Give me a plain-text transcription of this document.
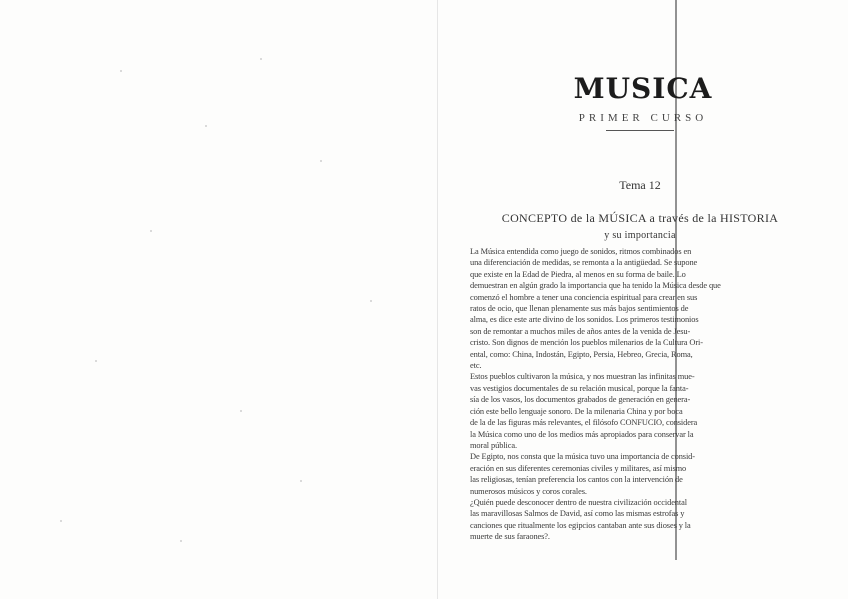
MUSICA
PRIMER CURSO
Tema 12
CONCEPTO de la MÚSICA a través de la HISTORIA
y su importancia
La Música entendida como juego de sonidos, ritmos combinados en
una diferenciación de medidas, se remonta a la antigüedad. Se supone
que existe en la Edad de Piedra, al menos en su forma de baile. Lo
demuestran en algún grado la importancia que ha tenido la Música desde que
comenzó el hombre a tener una conciencia espiritual para crear en sus
ratos de ocio, que llenan plenamente sus más bajos sentimientos de
alma, es dice este arte divino de los sonidos. Los primeros testimonios
son de remontar a muchos miles de años antes de la venida de Jesu-
cristo. Son dignos de mención los pueblos milenarios de la Cultura Ori-
ental, como: China, Indostán, Egipto, Persia, Hebreo, Grecia, Roma,
etc.
Estos pueblos cultivaron la música, y nos muestran las infinitas mue-
vas vestigios documentales de su relación musical, porque la fanta-
sía de los vasos, los documentos grabados de generación en genera-
ción este bello lenguaje sonoro. De la milenaria China y por boca
de la de las figuras más relevantes, el filósofo CONFUCIO, considera
la Música como uno de los medios más apropiados para conservar la
moral pública.
De Egipto, nos consta que la música tuvo una importancia de consid-
eración en sus diferentes ceremonias civiles y militares, así mismo
las religiosas, tenían preferencia los cantos con la intervención de
numerosos músicos y coros corales.
¿Quién puede desconocer dentro de nuestra civilización occidental
las maravillosas Salmos de David, así como las mismas estrofas y
canciones que ritualmente los egipcios cantaban ante sus dioses y la
muerte de sus faraones?.
